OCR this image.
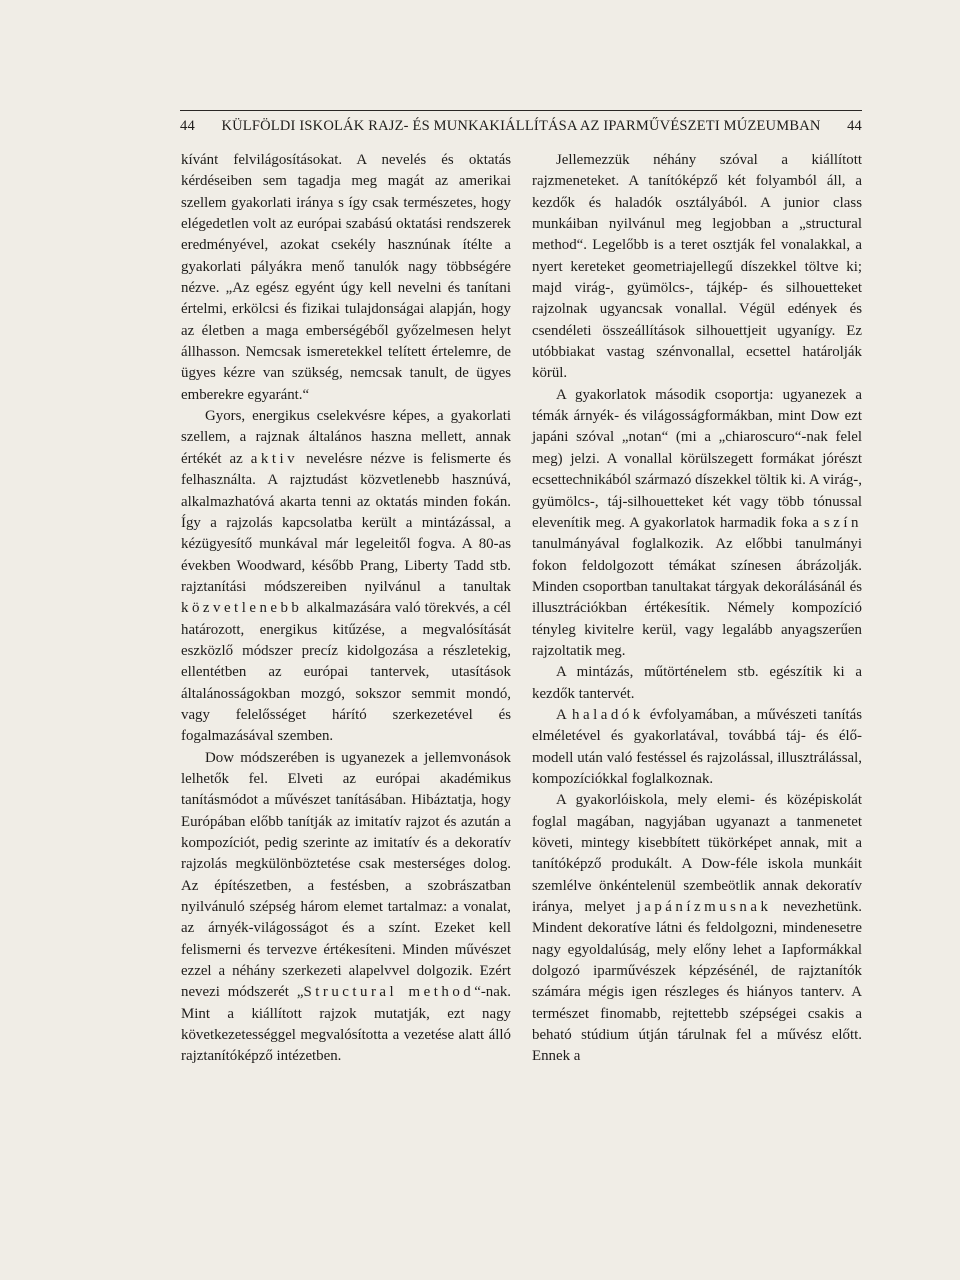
44	KÜLFÖLDI ISKOLÁK RAJZ- ÉS MUNKAKIÁLLÍTÁSA AZ IPARMŰVÉSZETI MÚZEUMBAN	44

kívánt felvilágosításokat. A nevelés és oktatás kérdéseiben sem tagadja meg magát az amerikai szellem gyakorlati iránya s így csak természetes, hogy elégedetlen volt az európai szabású oktatási rendszerek eredményével, azokat csekély hasznúnak ítélte a gyakorlati pályákra menő tanulók nagy többségére nézve. „Az egész egyént úgy kell nevelni és tanítani értelmi, erkölcsi és fizikai tulajdonságai alapján, hogy az életben a maga emberségéből győzelmesen helyt állhasson. Nemcsak ismeretekkel telített értelemre, de ügyes kézre van szükség, nemcsak tanult, de ügyes emberekre egyaránt.“

Gyors, energikus cselekvésre képes, a gyakorlati szellem, a rajznak általános haszna mellett, annak értékét az aktiv nevelésre nézve is felismerte és felhasználta. A rajztudást közvetlenebb hasznúvá, alkalmazhatóvá akarta tenni az oktatás minden fokán. Így a rajzolás kapcsolatba került a mintázással, a kézügyesítő munkával már legeleitől fogva. A 80-as években Woodward, később Prang, Liberty Tadd stb. rajztanítási módszereiben nyilvánul a tanultak közvetlenebb alkalmazására való törekvés, a cél határozott, energikus kitűzése, a megvalósítását eszközlő módszer precíz kidolgozása a részletekig, ellentétben az európai tantervek, utasítások általánosságokban mozgó, sokszor semmit mondó, vagy felelősséget hárító szerkezetével és fogalmazásával szemben.

Dow módszerében is ugyanezek a jellemvonások lelhetők fel. Elveti az európai akadémikus tanításmódot a művészet tanításában. Hibáztatja, hogy Európában előbb tanítják az imitatív rajzot és azután a kompozíciót, pedig szerinte az imitatív és a dekoratív rajzolás megkülönböztetése csak mesterséges dolog. Az építészetben, a festésben, a szobrászatban nyilvánuló szépség három elemet tartalmaz: a vonalat, az árnyék-világosságot és a színt. Ezeket kell felismerni és tervezve értékesíteni. Minden művészet ezzel a néhány szerkezeti alapelvvel dolgozik. Ezért nevezi módszerét „Structural method“-nak. Mint a kiállított rajzok mutatják, ezt nagy következetességgel megvalósította a vezetése alatt álló rajztanítóképző intézetben.

Jellemezzük néhány szóval a kiállított rajzmeneteket. A tanítóképző két folyamból áll, a kezdők és haladók osztályából. A junior class munkáiban nyilvánul meg legjobban a „structural method“. Legelőbb is a teret osztják fel vonalakkal, a nyert kereteket geometriajellegű díszekkel töltve ki; majd virág-, gyümölcs-, tájkép- és silhouetteket rajzolnak ugyancsak vonallal. Végül edények és csendéleti összeállítások silhouettjeit ugyanígy. Ez utóbbiakat vastag szénvonallal, ecsettel határolják körül.

A gyakorlatok második csoportja: ugyanezek a témák árnyék- és világosságformákban, mint Dow ezt japáni szóval „notan“ (mi a „chiaroscuro“-nak felel meg) jelzi. A vonallal körülszegett formákat jórészt ecsettechnikából származó díszekkel töltik ki. A virág-, gyümölcs-, táj-silhouetteket két vagy több tónussal elevenítik meg. A gyakorlatok harmadik foka a szín tanulmányával foglalkozik. Az előbbi tanulmányi fokon feldolgozott témákat színesen ábrázolják. Minden csoportban tanultakat tárgyak dekorálásánál és illusztrációkban értékesítik. Némely kompozíció tényleg kivitelre kerül, vagy legalább anyagszerűen rajzoltatik meg.

A mintázás, műtörténelem stb. egészítik ki a kezdők tantervét.

A haladók évfolyamában, a művészeti tanítás elméletével és gyakorlatával, továbbá táj- és élő-modell után való festéssel és rajzolással, illusztrálással, kompozíciókkal foglalkoznak.

A gyakorlóiskola, mely elemi- és középiskolát foglal magában, nagyjában ugyanazt a tanmenetet követi, mintegy kisebbített tükörképet annak, mit a tanítóképző produkált. A Dow-féle iskola munkáit szemlélve önkéntelenül szembeötlik annak dekoratív iránya, melyet japánízmusnak nevezhetünk. Mindent dekoratíve látni és feldolgozni, mindenesetre nagy egyoldalúság, mely előny lehet a Iapformákkal dolgozó iparművészek képzésénél, de rajztanítók számára mégis igen részleges és hiányos tanterv. A természet finomabb, rejtettebb szépségei csakis a beható stúdium útján tárulnak fel a művész előtt. Ennek a
